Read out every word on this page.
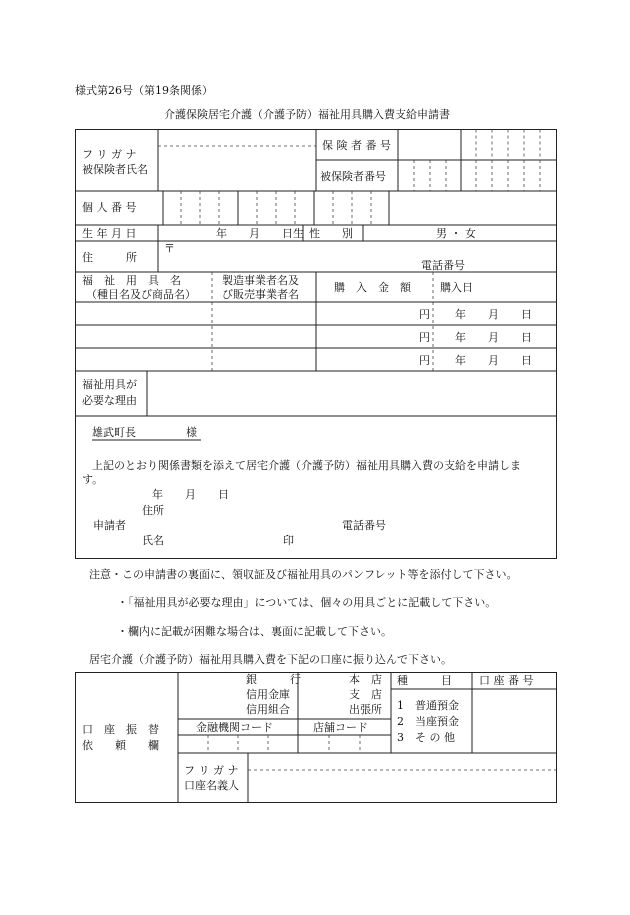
様式第26号（第19条関係）
介護保険居宅介護（介護予防）福祉用具購入費支給申請書
フ リ ガ ナ
被保険者氏名
保 険 者 番 号
被保険者番号
個 人 番 号
生 年 月 日	年　　月　　日生 性　　別	男 ・ 女
住　　　所
〒
電話番号
福　祉　用　具　名
（種目名及び商品名）
製造事業者名及
び販売事業者名
購　入　金　額	購入日
円 年　　月　　日
円 年　　月　　日
円 年　　月　　日
福祉用具が
必要な理由
雄武町長	様
上記のとおり関係書類を添えて居宅介護（介護予防）福祉用具購入費の支給を申請しま
す。
年　　月　　日
住所
申請者	電話番号
氏名	印
注意・この申請書の裏面に、領収証及び福祉用具のパンフレット等を添付して下さい。
・「福祉用具が必要な理由」については、個々の用具ごとに記載して下さい。
・欄内に記載が困難な場合は、裏面に記載して下さい。
居宅介護（介護予防）福祉用具購入費を下記の口座に振り込んで下さい。
口　座　振　替
依　　頼　　欄
銀　　　行
信用金庫
信用組合
本　店
支　店
出張所
金融機関コード	店舗コード
種　　　目
1　普通預金
2　当座預金
3　そ の 他
口 座 番 号
フ リ ガ ナ
口座名義人
